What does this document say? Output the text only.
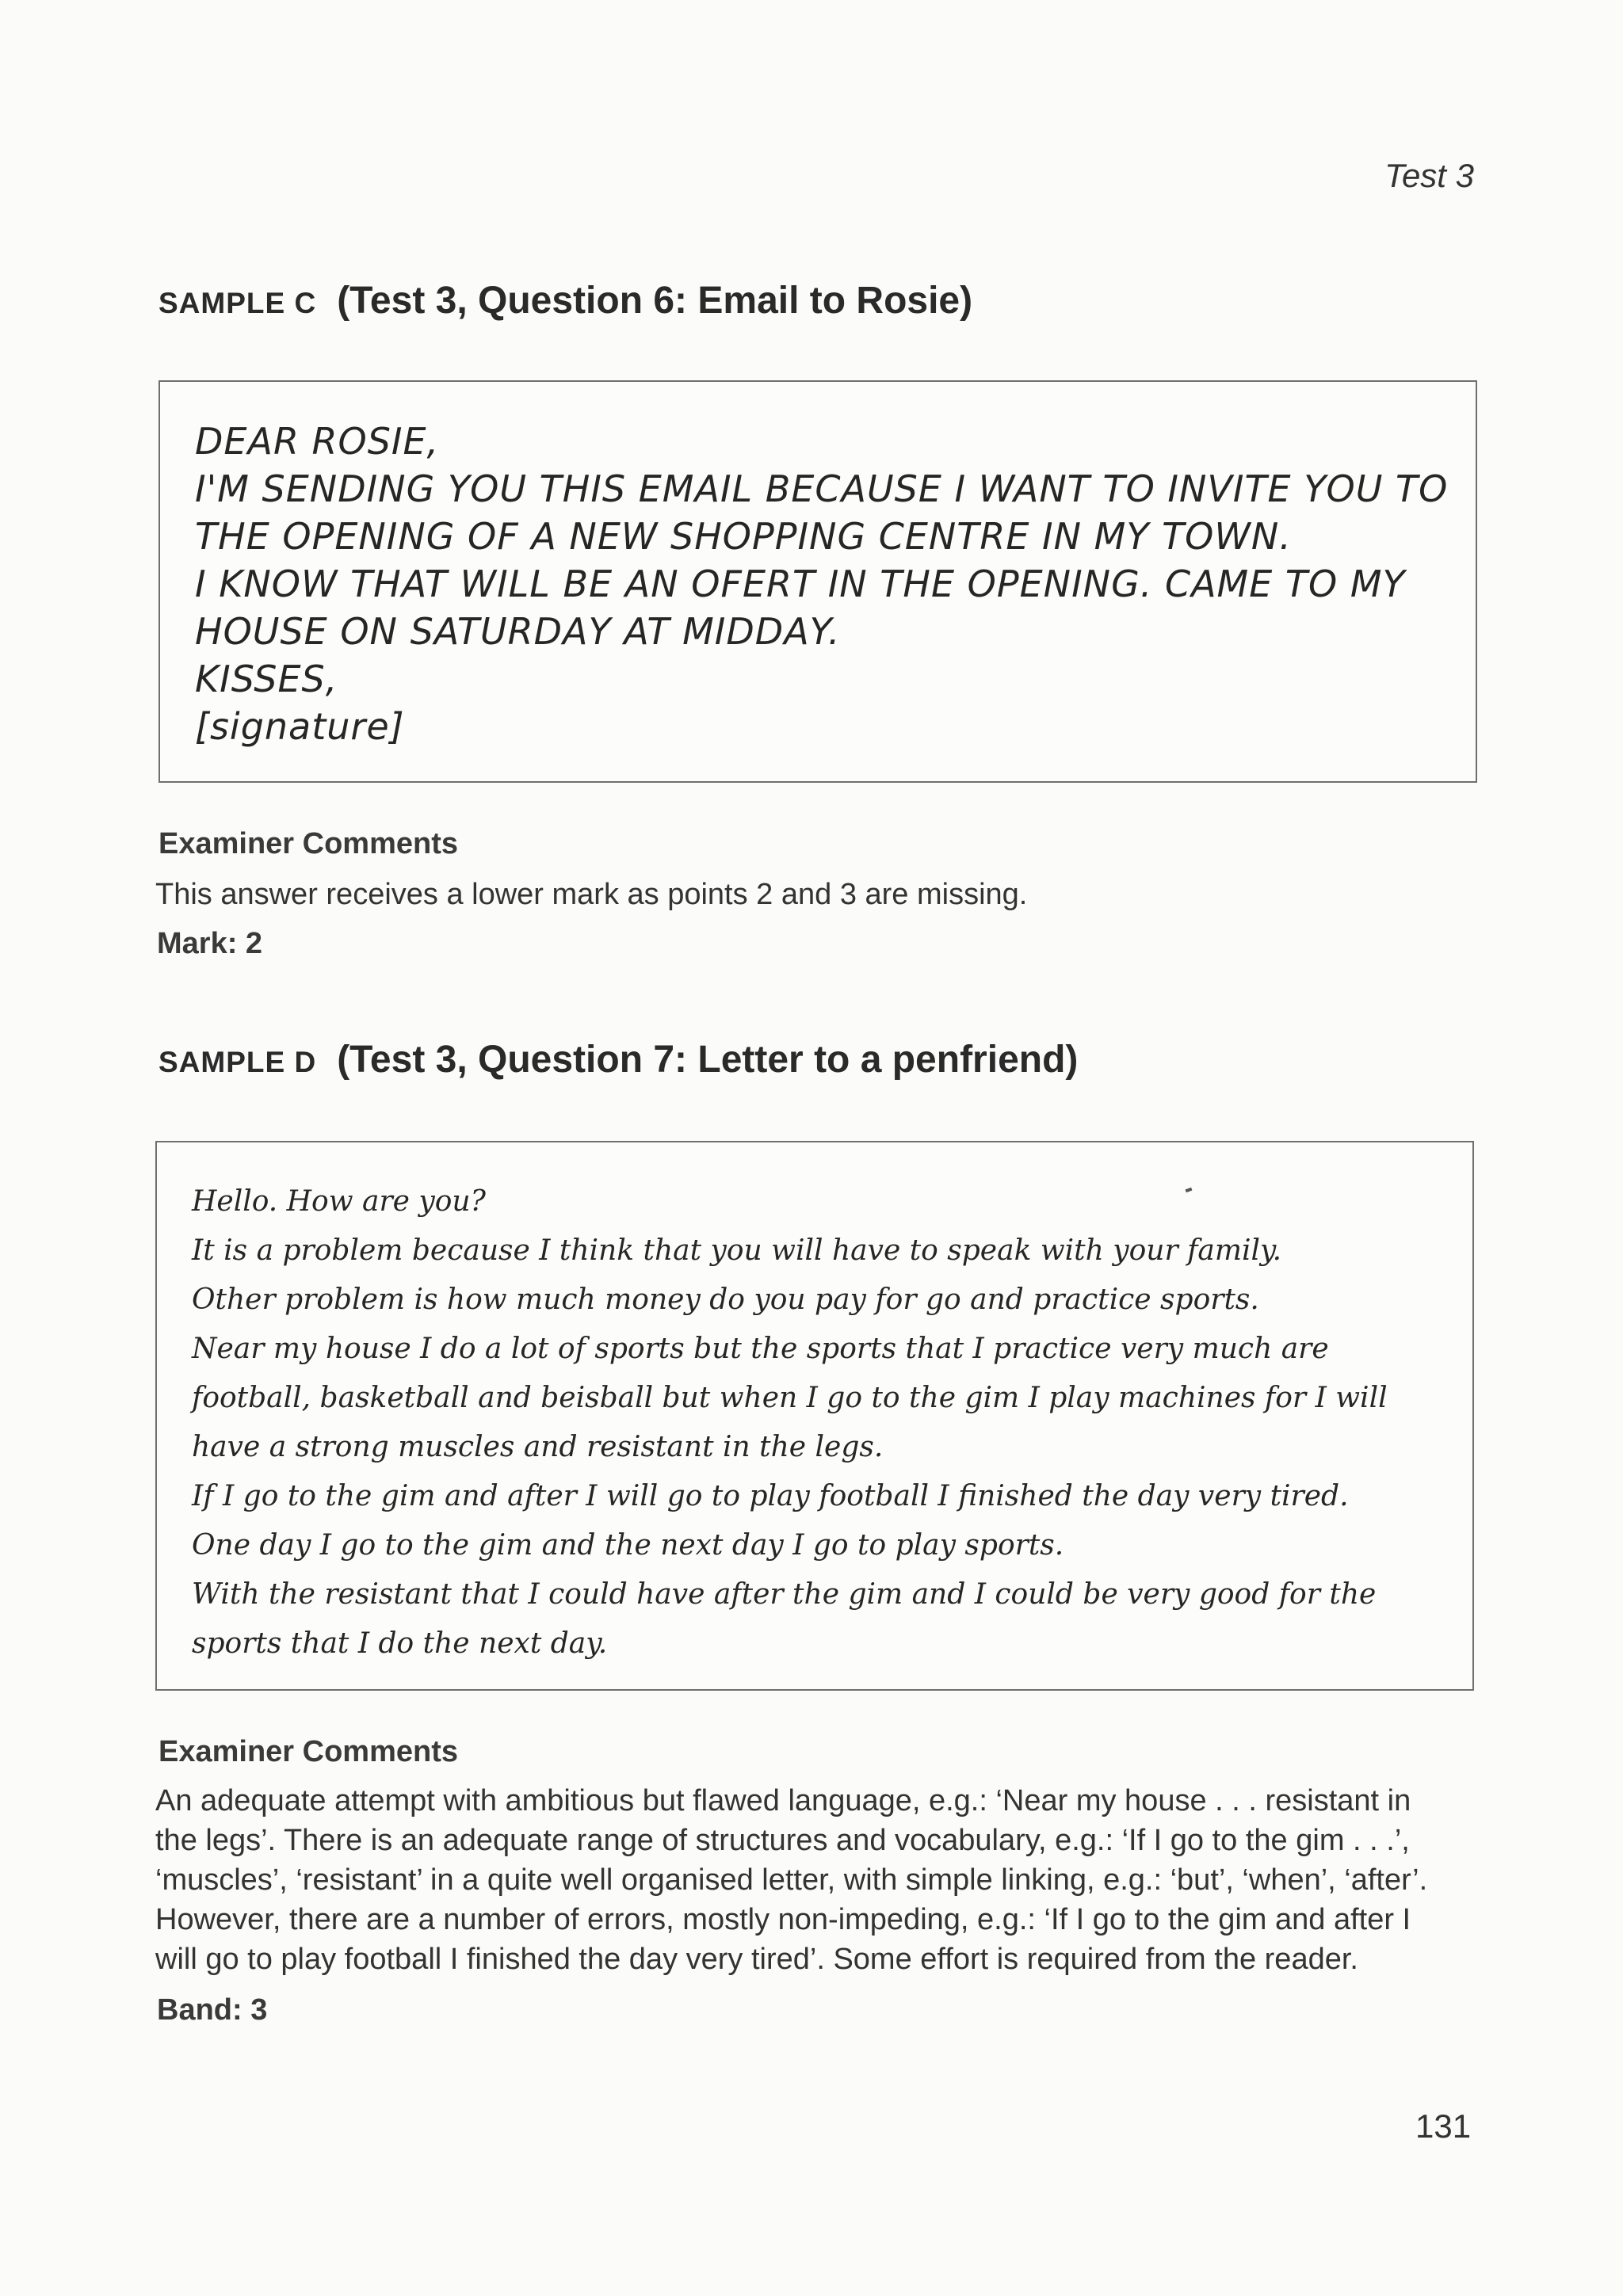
Test 3
SAMPLE C (Test 3, Question 6: Email to Rosie)
DEAR ROSIE,
I'M SENDING YOU THIS EMAIL BECAUSE I WANT TO INVITE YOU TO
THE OPENING OF A NEW SHOPPING CENTRE IN MY TOWN.
I KNOW THAT WILL BE AN OFERT IN THE OPENING. CAME TO MY
HOUSE ON SATURDAY AT MIDDAY.
KISSES,
[signature]
Examiner Comments
This answer receives a lower mark as points 2 and 3 are missing.
Mark: 2
SAMPLE D (Test 3, Question 7: Letter to a penfriend)
Hello. How are you?
It is a problem because I think that you will have to speak with your family.
Other problem is how much money do you pay for go and practice sports.
Near my house I do a lot of sports but the sports that I practice very much are
football, basketball and beisball but when I go to the gim I play machines for I will
have a strong muscles and resistant in the legs.
If I go to the gim and after I will go to play football I finished the day very tired.
One day I go to the gim and the next day I go to play sports.
With the resistant that I could have after the gim and I could be very good for the
sports that I do the next day.
Examiner Comments
An adequate attempt with ambitious but flawed language, e.g.: ‘Near my house . . . resistant in
the legs’. There is an adequate range of structures and vocabulary, e.g.: ‘If I go to the gim . . .’,
‘muscles’, ‘resistant’ in a quite well organised letter, with simple linking, e.g.: ‘but’, ‘when’, ‘after’.
However, there are a number of errors, mostly non-impeding, e.g.: ‘If I go to the gim and after I
will go to play football I finished the day very tired’. Some effort is required from the reader.
Band: 3
131
